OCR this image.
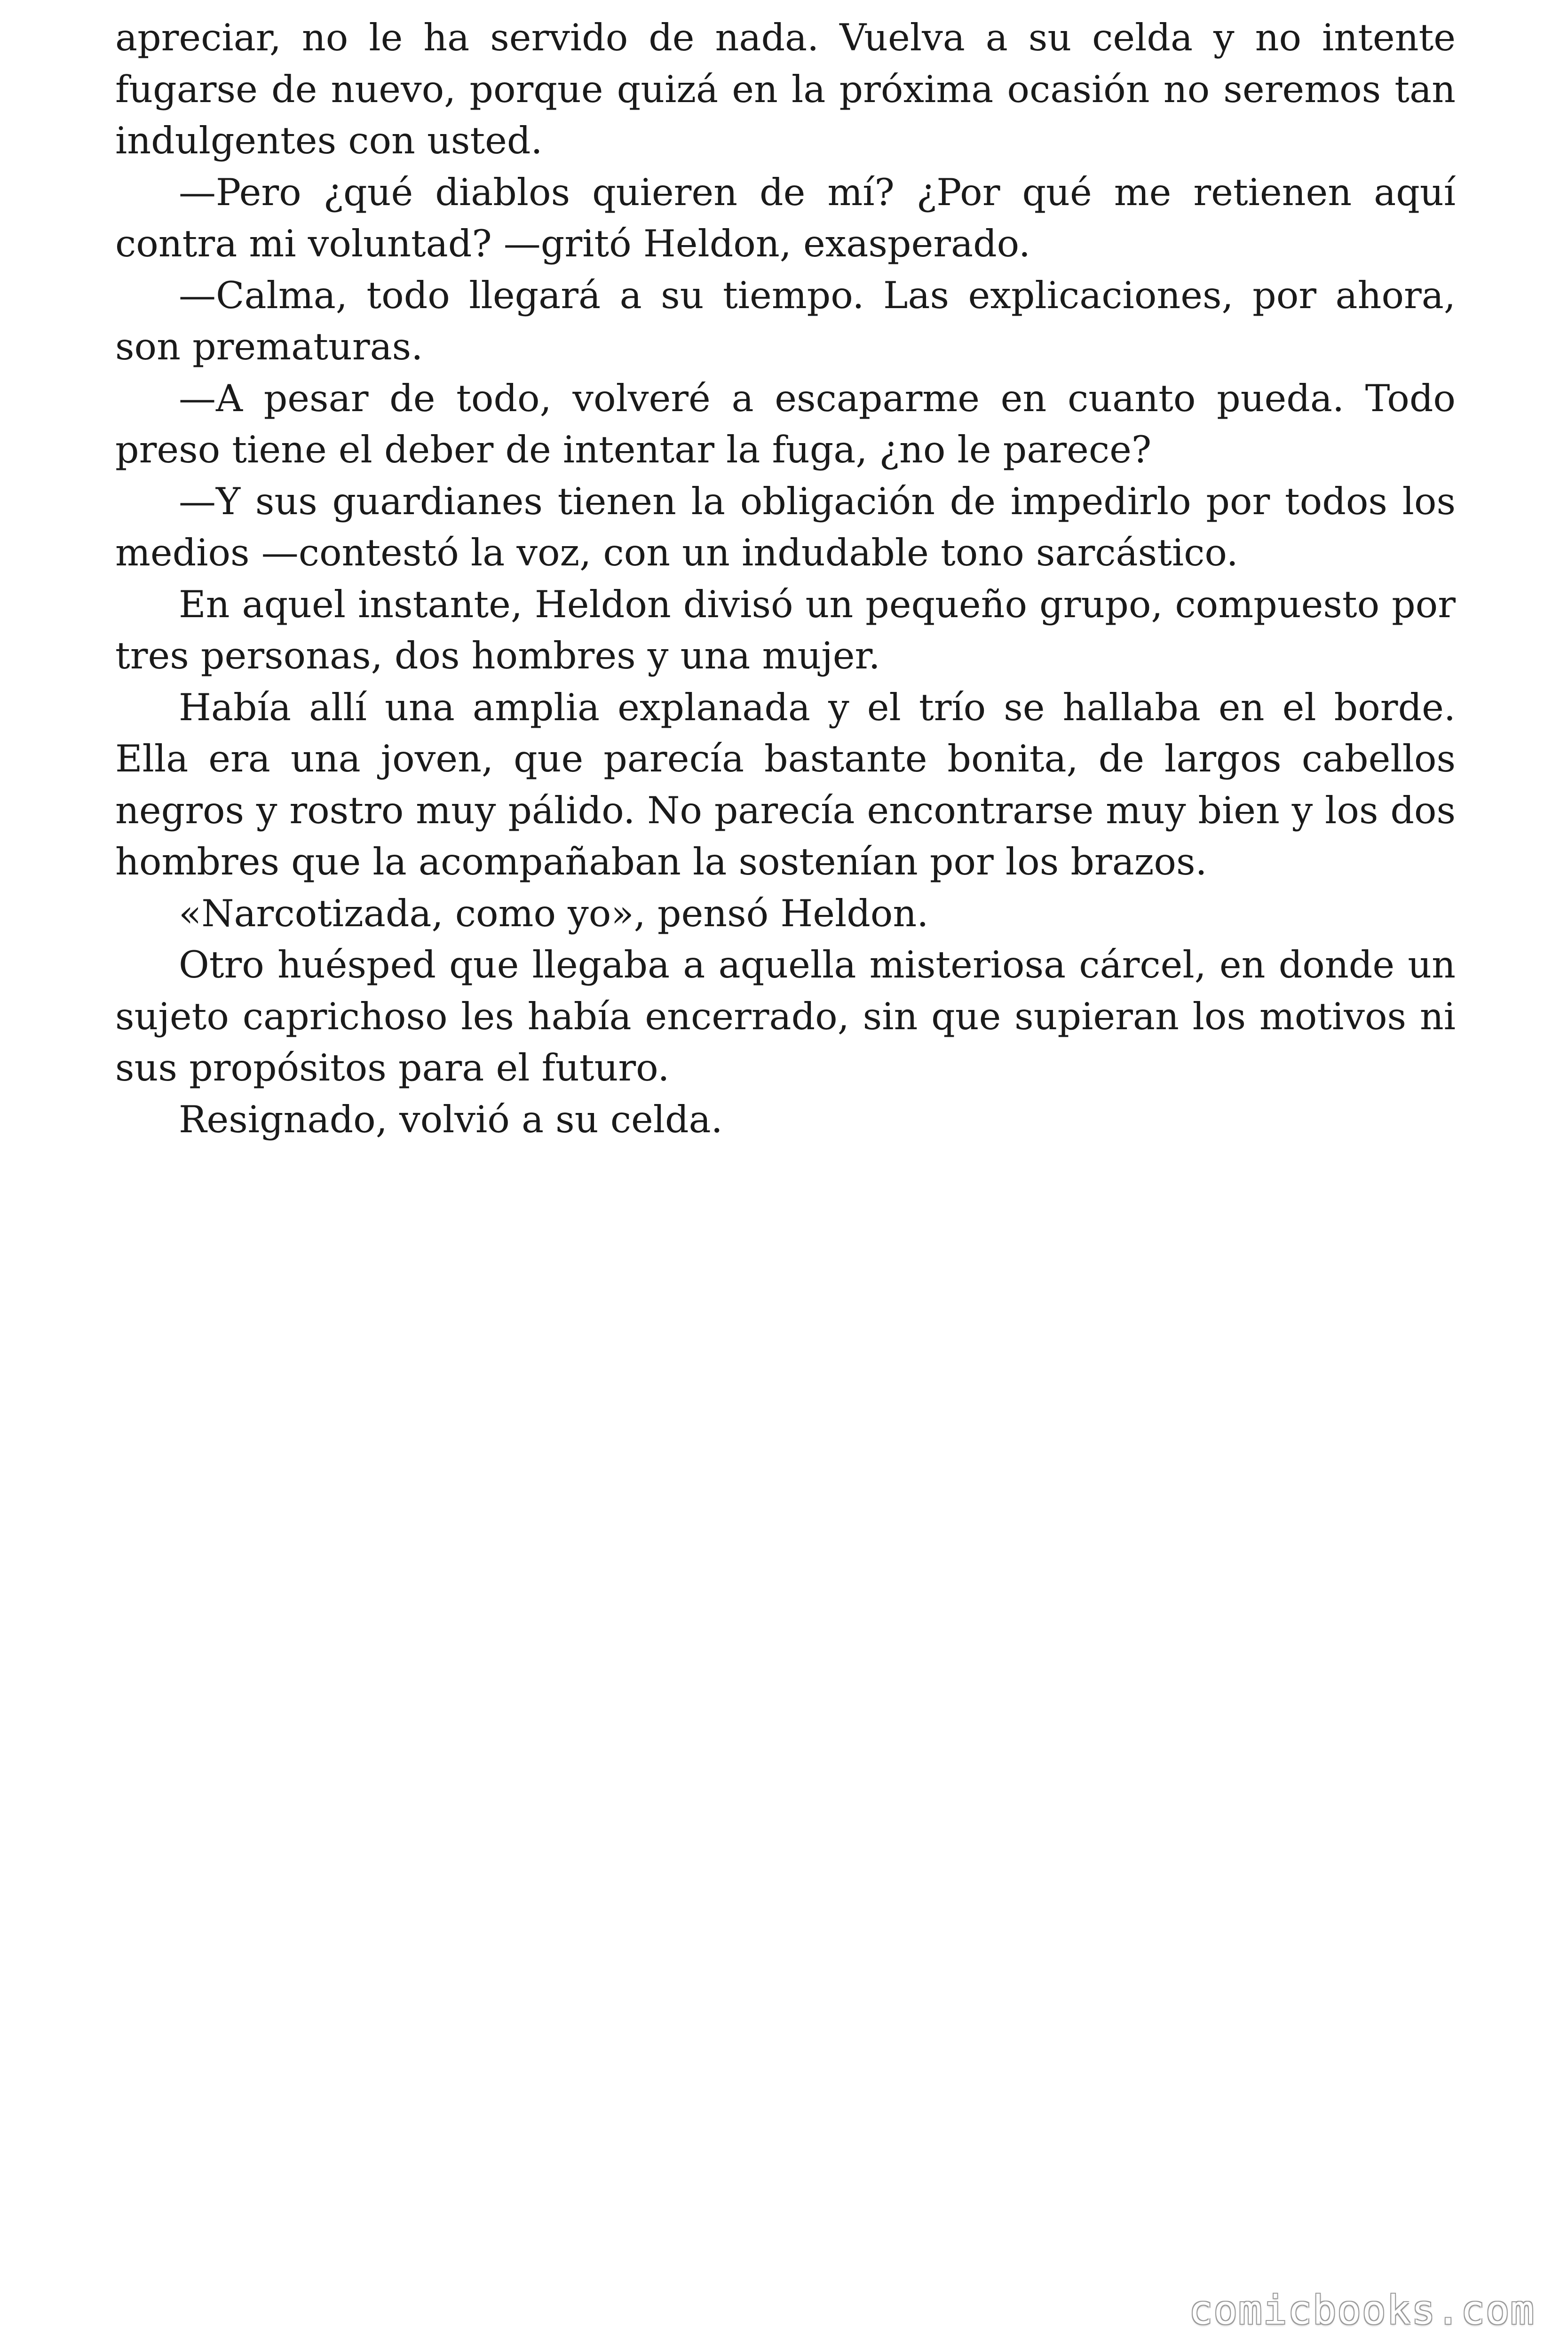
apreciar, no le ha servido de nada. Vuelva a su celda y no intente fugarse de nuevo, porque quizá en la próxima ocasión no seremos tan indulgentes con usted.

—Pero ¿qué diablos quieren de mí? ¿Por qué me retienen aquí contra mi voluntad? —gritó Heldon, exasperado.

—Calma, todo llegará a su tiempo. Las explicaciones, por ahora, son prematuras.

—A pesar de todo, volveré a escaparme en cuanto pueda. Todo preso tiene el deber de intentar la fuga, ¿no le parece?

—Y sus guardianes tienen la obligación de impedirlo por todos los medios —contestó la voz, con un indudable tono sarcástico.

En aquel instante, Heldon divisó un pequeño grupo, compuesto por tres personas, dos hombres y una mujer.

Había allí una amplia explanada y el trío se hallaba en el borde. Ella era una joven, que parecía bastante bonita, de largos cabellos negros y rostro muy pálido. No parecía encontrarse muy bien y los dos hombres que la acompañaban la sostenían por los brazos.

«Narcotizada, como yo», pensó Heldon.

Otro huésped que llegaba a aquella misteriosa cárcel, en donde un sujeto caprichoso les había encerrado, sin que supieran los motivos ni sus propósitos para el futuro.

Resignado, volvió a su celda.

comicbooks.com
